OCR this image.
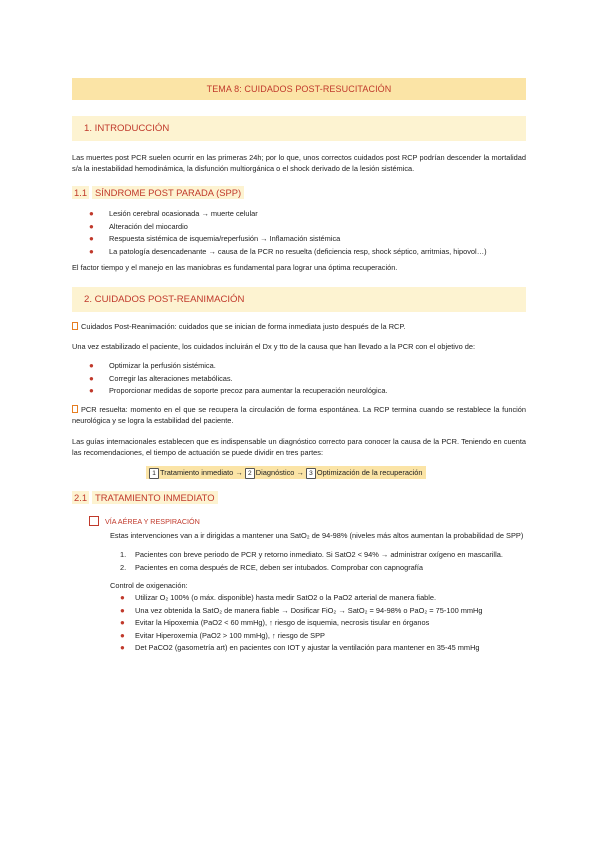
TEMA 8: CUIDADOS POST-RESUCITACIÓN
1. INTRODUCCIÓN
Las muertes post PCR suelen ocurrir en las primeras 24h; por lo que, unos correctos cuidados post RCP podrían descender la mortalidad s/a la inestabilidad hemodinámica, la disfunción multiorgánica o el shock derivado de la lesión sistémica.
1.1 SÍNDROME POST PARADA (SPP)
● Lesión cerebral ocasionada → muerte celular
● Alteración del miocardio
● Respuesta sistémica de isquemia/reperfusión → Inflamación sistémica
● La patología desencadenante → causa de la PCR no resuelta (deficiencia resp, shock séptico, arritmias, hipovol…)
El factor tiempo y el manejo en las maniobras es fundamental para lograr una óptima recuperación.
2. CUIDADOS POST-REANIMACIÓN
Cuidados Post-Reanimación: cuidados que se inician de forma inmediata justo después de la RCP.
Una vez estabilizado el paciente, los cuidados incluirán el Dx y tto de la causa que han llevado a la PCR con el objetivo de:
● Optimizar la perfusión sistémica.
● Corregir las alteraciones metabólicas.
● Proporcionar medidas de soporte precoz para aumentar la recuperación neurológica.
PCR resuelta: momento en el que se recupera la circulación de forma espontánea. La RCP termina cuando se restablece la función neurológica y se logra la estabilidad del paciente.
Las guías internacionales establecen que es indispensable un diagnóstico correcto para conocer la causa de la PCR. Teniendo en cuenta las recomendaciones, el tiempo de actuación se puede dividir en tres partes:
1 Tratamiento inmediato → 2 Diagnóstico → 3 Optimización de la recuperación
2.1 TRATAMIENTO INMEDIATO
VÍA AÉREA Y RESPIRACIÓN
Estas intervenciones van a ir dirigidas a mantener una SatO₂ de 94-98% (niveles más altos aumentan la probabilidad de SPP)
1. Pacientes con breve periodo de PCR y retorno inmediato. Si SatO2 < 94% → administrar oxígeno en mascarilla.
2. Pacientes en coma después de RCE, deben ser intubados. Comprobar con capnografía
Control de oxigenación:
● Utilizar O₂ 100% (o máx. disponible) hasta medir SatO2 o la PaO2 arterial de manera fiable.
● Una vez obtenida la SatO₂ de manera fiable → Dosificar FiO₂ → SatO₂ = 94-98% o PaO₂ = 75-100 mmHg
● Evitar la Hipoxemia (PaO2 < 60 mmHg), ↑ riesgo de isquemia, necrosis tisular en órganos
● Evitar Hiperoxemia (PaO2 > 100 mmHg), ↑ riesgo de SPP
● Det PaCO2 (gasometría art) en pacientes con IOT y ajustar la ventilación para mantener en 35-45 mmHg
